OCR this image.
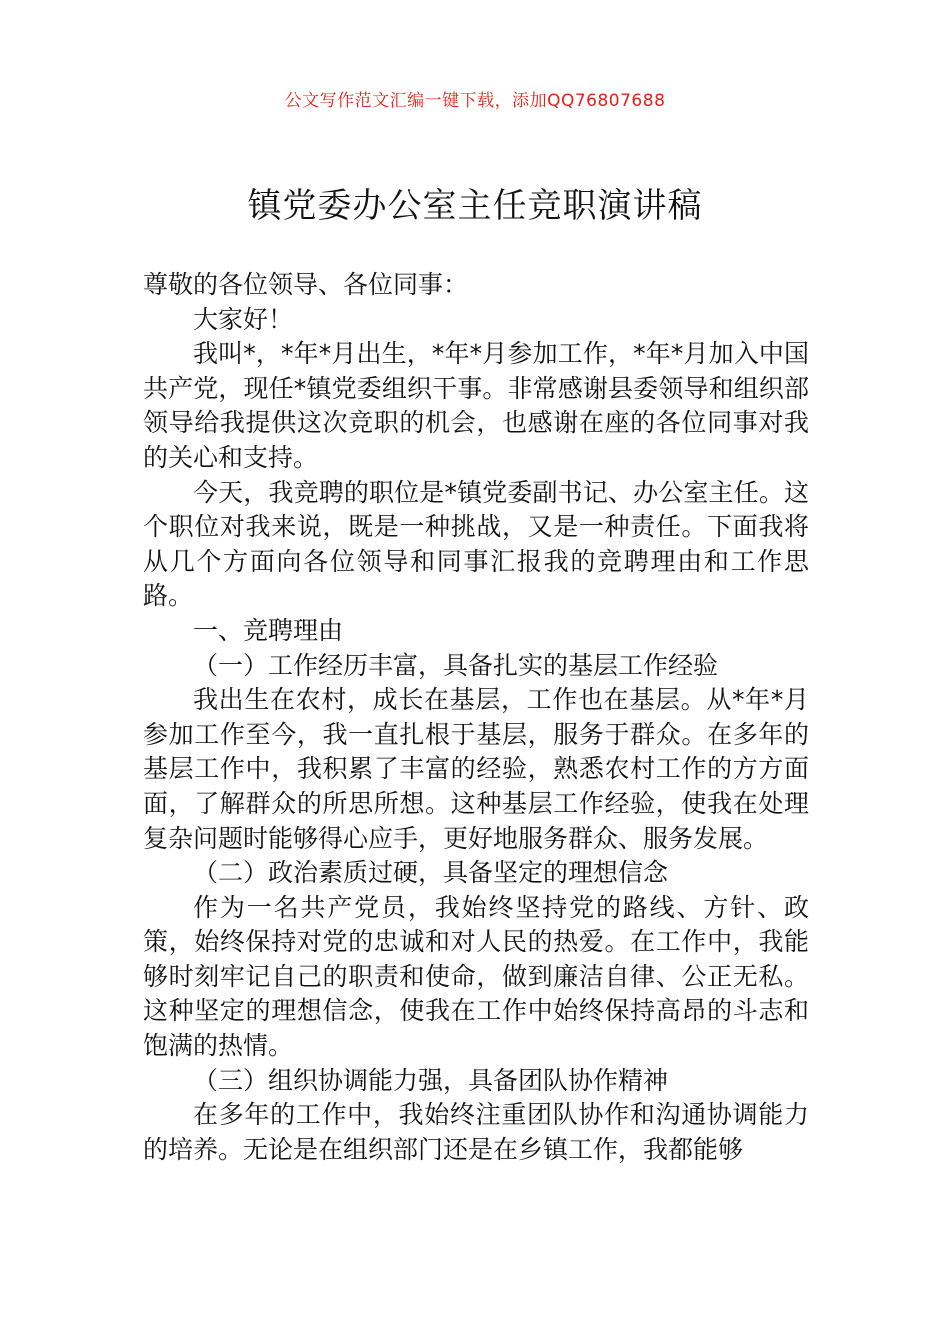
公文写作范文汇编一键下载，添加QQ76807688
镇党委办公室主任竞职演讲稿

尊敬的各位领导、各位同事：

大家好！

我叫*，*年*月出生，*年*月参加工作，*年*月加入中国共产党，现任*镇党委组织干事。非常感谢县委领导和组织部领导给我提供这次竞职的机会，也感谢在座的各位同事对我的关心和支持。

今天，我竞聘的职位是*镇党委副书记、办公室主任。这个职位对我来说，既是一种挑战，又是一种责任。下面我将从几个方面向各位领导和同事汇报我的竞聘理由和工作思路。

一、竞聘理由

（一）工作经历丰富，具备扎实的基层工作经验

我出生在农村，成长在基层，工作也在基层。从*年*月参加工作至今，我一直扎根于基层，服务于群众。在多年的基层工作中，我积累了丰富的经验，熟悉农村工作的方方面面，了解群众的所思所想。这种基层工作经验，使我在处理复杂问题时能够得心应手，更好地服务群众、服务发展。

（二）政治素质过硬，具备坚定的理想信念

作为一名共产党员，我始终坚持党的路线、方针、政策，始终保持对党的忠诚和对人民的热爱。在工作中，我能够时刻牢记自己的职责和使命，做到廉洁自律、公正无私。这种坚定的理想信念，使我在工作中始终保持高昂的斗志和饱满的热情。

（三）组织协调能力强，具备团队协作精神

在多年的工作中，我始终注重团队协作和沟通协调能力的培养。无论是在组织部门还是在乡镇工作，我都能够
